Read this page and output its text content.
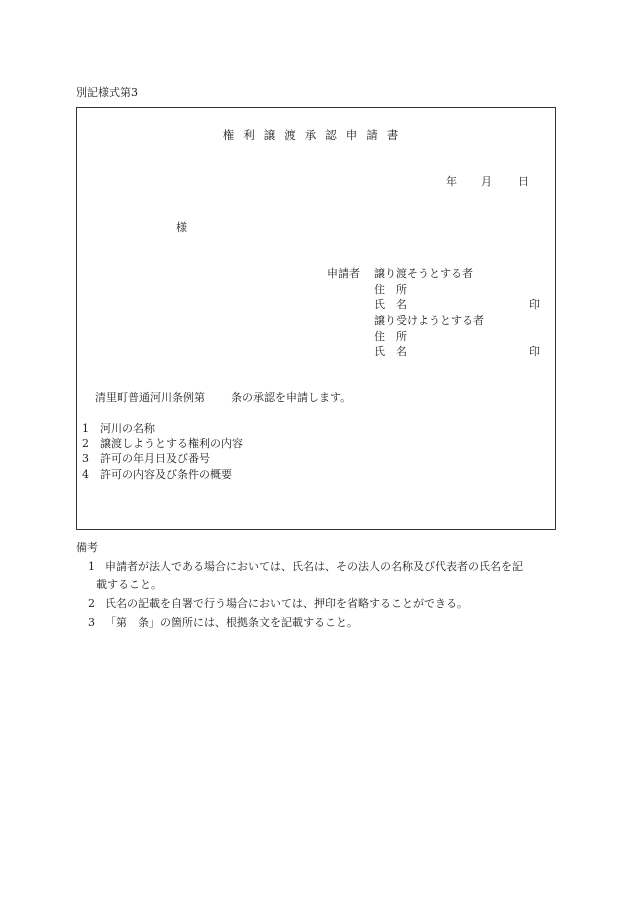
別記様式第3
権利譲渡承認申請書
年 月 日
様
申請者 譲り渡そうとする者
住　所
氏　名	印
譲り受けようとする者
住　所
氏　名	印
清里町普通河川条例第 条の承認を申請します。
1 河川の名称
2 譲渡しようとする権利の内容
3 許可の年月日及び番号
4 許可の内容及び条件の概要
備考
1 申請者が法人である場合においては、氏名は、その法人の名称及び代表者の氏名を記
載すること。
2 氏名の記載を自署で行う場合においては、押印を省略することができる。
3 「第　条」の箇所には、根拠条文を記載すること。
